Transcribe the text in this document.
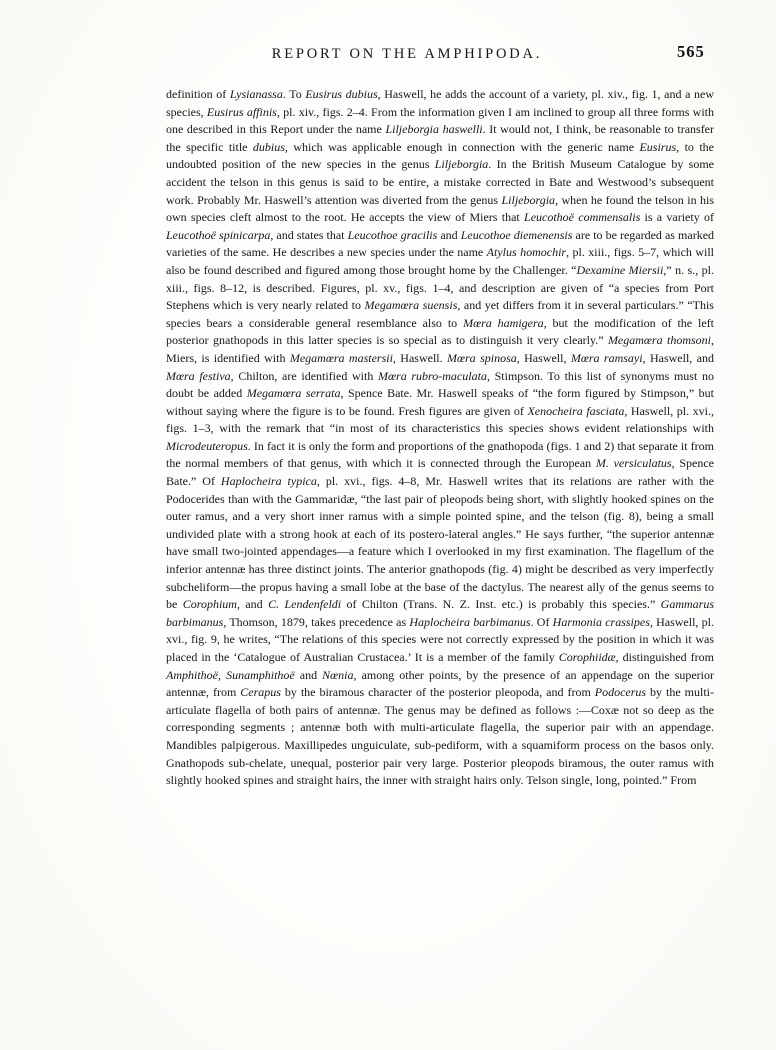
REPORT ON THE AMPHIPODA.	565

definition of Lysianassa. To Eusirus dubius, Haswell, he adds the account of a variety, pl. xiv., fig. 1, and a new species, Eusirus affinis, pl. xiv., figs. 2–4. From the information given I am inclined to group all three forms with one described in this Report under the name Liljeborgia haswelli. It would not, I think, be reasonable to transfer the specific title dubius, which was applicable enough in connection with the generic name Eusirus, to the undoubted position of the new species in the genus Liljeborgia. In the British Museum Catalogue by some accident the telson in this genus is said to be entire, a mistake corrected in Bate and Westwood’s subsequent work. Probably Mr. Haswell’s attention was diverted from the genus Liljeborgia, when he found the telson in his own species cleft almost to the root. He accepts the view of Miers that Leucothoë commensalis is a variety of Leucothoë spinicarpa, and states that Leucothoe gracilis and Leucothoe diemenensis are to be regarded as marked varieties of the same. He describes a new species under the name Atylus homochir, pl. xiii., figs. 5–7, which will also be found described and figured among those brought home by the Challenger. “Dexamine Miersii,” n. s., pl. xiii., figs. 8–12, is described. Figures, pl. xv., figs. 1–4, and description are given of “a species from Port Stephens which is very nearly related to Megamœra suensis, and yet differs from it in several particulars.” “This species bears a considerable general resemblance also to Mœra hamigera, but the modification of the left posterior gnathopods in this latter species is so special as to distinguish it very clearly.” Megamœra thomsoni, Miers, is identified with Megamœra mastersii, Haswell. Mœra spinosa, Haswell, Mœra ramsayi, Haswell, and Mœra festiva, Chilton, are identified with Mœra rubro-maculata, Stimpson. To this list of synonyms must no doubt be added Megamœra serrata, Spence Bate. Mr. Haswell speaks of “the form figured by Stimpson,” but without saying where the figure is to be found. Fresh figures are given of Xenocheira fasciata, Haswell, pl. xvi., figs. 1–3, with the remark that “in most of its characteristics this species shows evident relationships with Microdeuteropus. In fact it is only the form and proportions of the gnathopoda (figs. 1 and 2) that separate it from the normal members of that genus, with which it is connected through the European M. versiculatus, Spence Bate.” Of Haplocheira typica, pl. xvi., figs. 4–8, Mr. Haswell writes that its relations are rather with the Podocerides than with the Gammaridæ, “the last pair of pleopods being short, with slightly hooked spines on the outer ramus, and a very short inner ramus with a simple pointed spine, and the telson (fig. 8), being a small undivided plate with a strong hook at each of its postero-lateral angles.” He says further, “the superior antennæ have small two-jointed appendages—a feature which I overlooked in my first examination. The flagellum of the inferior antennæ has three distinct joints. The anterior gnathopods (fig. 4) might be described as very imperfectly subcheliform—the propus having a small lobe at the base of the dactylus. The nearest ally of the genus seems to be Corophium, and C. Lendenfeldi of Chilton (Trans. N. Z. Inst. etc.) is probably this species.” Gammarus barbimanus, Thomson, 1879, takes precedence as Haplocheira barbimanus. Of Harmonia crassipes, Haswell, pl. xvi., fig. 9, he writes, “The relations of this species were not correctly expressed by the position in which it was placed in the ‘Catalogue of Australian Crustacea.’ It is a member of the family Corophiidæ, distinguished from Amphithoë, Sunamphithoë and Nœnia, among other points, by the presence of an appendage on the superior antennæ, from Cerapus by the biramous character of the posterior pleopoda, and from Podocerus by the multi-articulate flagella of both pairs of antennæ. The genus may be defined as follows :—Coxæ not so deep as the corresponding segments ; antennæ both with multi-articulate flagella, the superior pair with an appendage. Mandibles palpigerous. Maxillipedes unguiculate, sub-pediform, with a squamiform process on the basos only. Gnathopods sub-chelate, unequal, posterior pair very large. Posterior pleopods biramous, the outer ramus with slightly hooked spines and straight hairs, the inner with straight hairs only. Telson single, long, pointed.” From
